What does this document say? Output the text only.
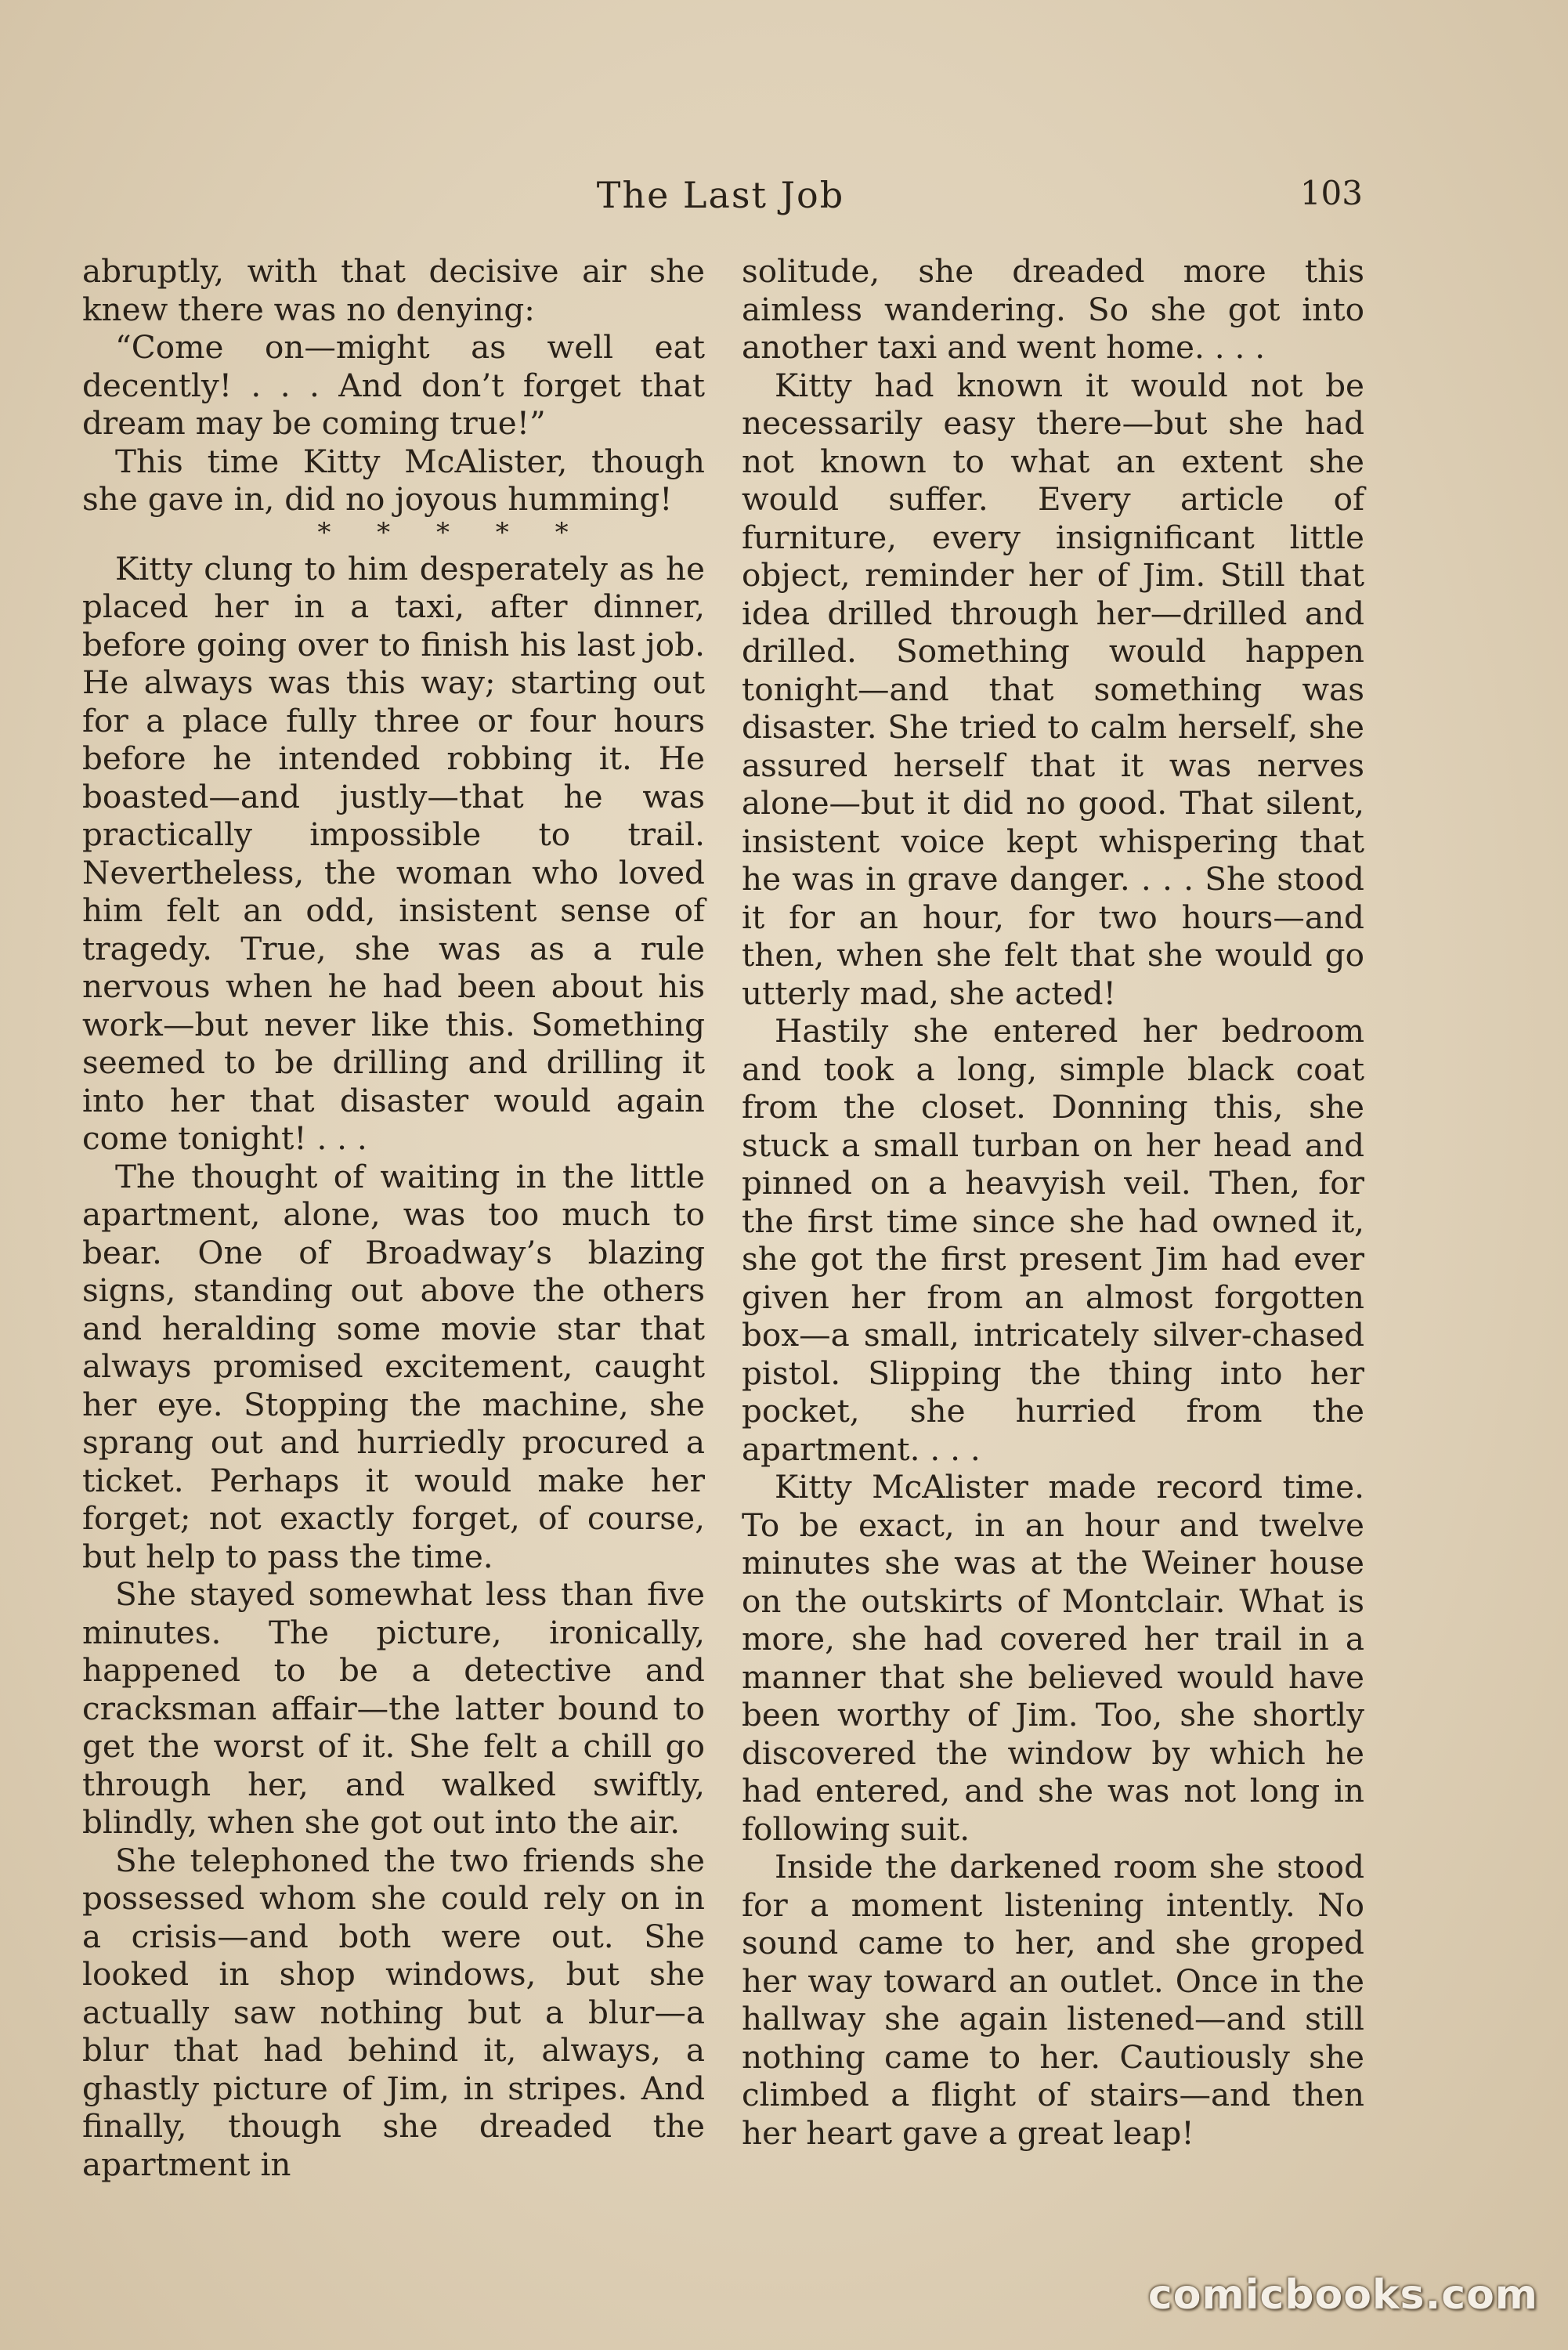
The Last Job	103

abruptly, with that decisive air she knew there was no denying:

“Come on—might as well eat decently! . . . And don’t forget that dream may be coming true!”

This time Kitty McAlister, though she gave in, did no joyous humming!

* * * * *

Kitty clung to him desperately as he placed her in a taxi, after dinner, before going over to finish his last job. He always was this way; starting out for a place fully three or four hours before he intended robbing it. He boasted—and justly—that he was practically impossible to trail. Nevertheless, the woman who loved him felt an odd, insistent sense of tragedy. True, she was as a rule nervous when he had been about his work—but never like this. Something seemed to be drilling and drilling it into her that disaster would again come tonight! . . .

The thought of waiting in the little apartment, alone, was too much to bear. One of Broadway’s blazing signs, standing out above the others and heralding some movie star that always promised excitement, caught her eye. Stopping the machine, she sprang out and hurriedly procured a ticket. Perhaps it would make her forget; not exactly forget, of course, but help to pass the time.

She stayed somewhat less than five minutes. The picture, ironically, happened to be a detective and cracksman affair—the latter bound to get the worst of it. She felt a chill go through her, and walked swiftly, blindly, when she got out into the air.

She telephoned the two friends she possessed whom she could rely on in a crisis—and both were out. She looked in shop windows, but she actually saw nothing but a blur—a blur that had behind it, always, a ghastly picture of Jim, in stripes. And finally, though she dreaded the apartment in

solitude, she dreaded more this aimless wandering. So she got into another taxi and went home. . . .

Kitty had known it would not be necessarily easy there—but she had not known to what an extent she would suffer. Every article of furniture, every insignificant little object, reminder her of Jim. Still that idea drilled through her—drilled and drilled. Something would happen tonight—and that something was disaster. She tried to calm herself, she assured herself that it was nerves alone—but it did no good. That silent, insistent voice kept whispering that he was in grave danger. . . . She stood it for an hour, for two hours—and then, when she felt that she would go utterly mad, she acted!

Hastily she entered her bedroom and took a long, simple black coat from the closet. Donning this, she stuck a small turban on her head and pinned on a heavyish veil. Then, for the first time since she had owned it, she got the first present Jim had ever given her from an almost forgotten box—a small, intricately silver-chased pistol. Slipping the thing into her pocket, she hurried from the apartment. . . .

Kitty McAlister made record time. To be exact, in an hour and twelve minutes she was at the Weiner house on the outskirts of Montclair. What is more, she had covered her trail in a manner that she believed would have been worthy of Jim. Too, she shortly discovered the window by which he had entered, and she was not long in following suit.

Inside the darkened room she stood for a moment listening intently. No sound came to her, and she groped her way toward an outlet. Once in the hallway she again listened—and still nothing came to her. Cautiously she climbed a flight of stairs—and then her heart gave a great leap!

comicbooks.com
